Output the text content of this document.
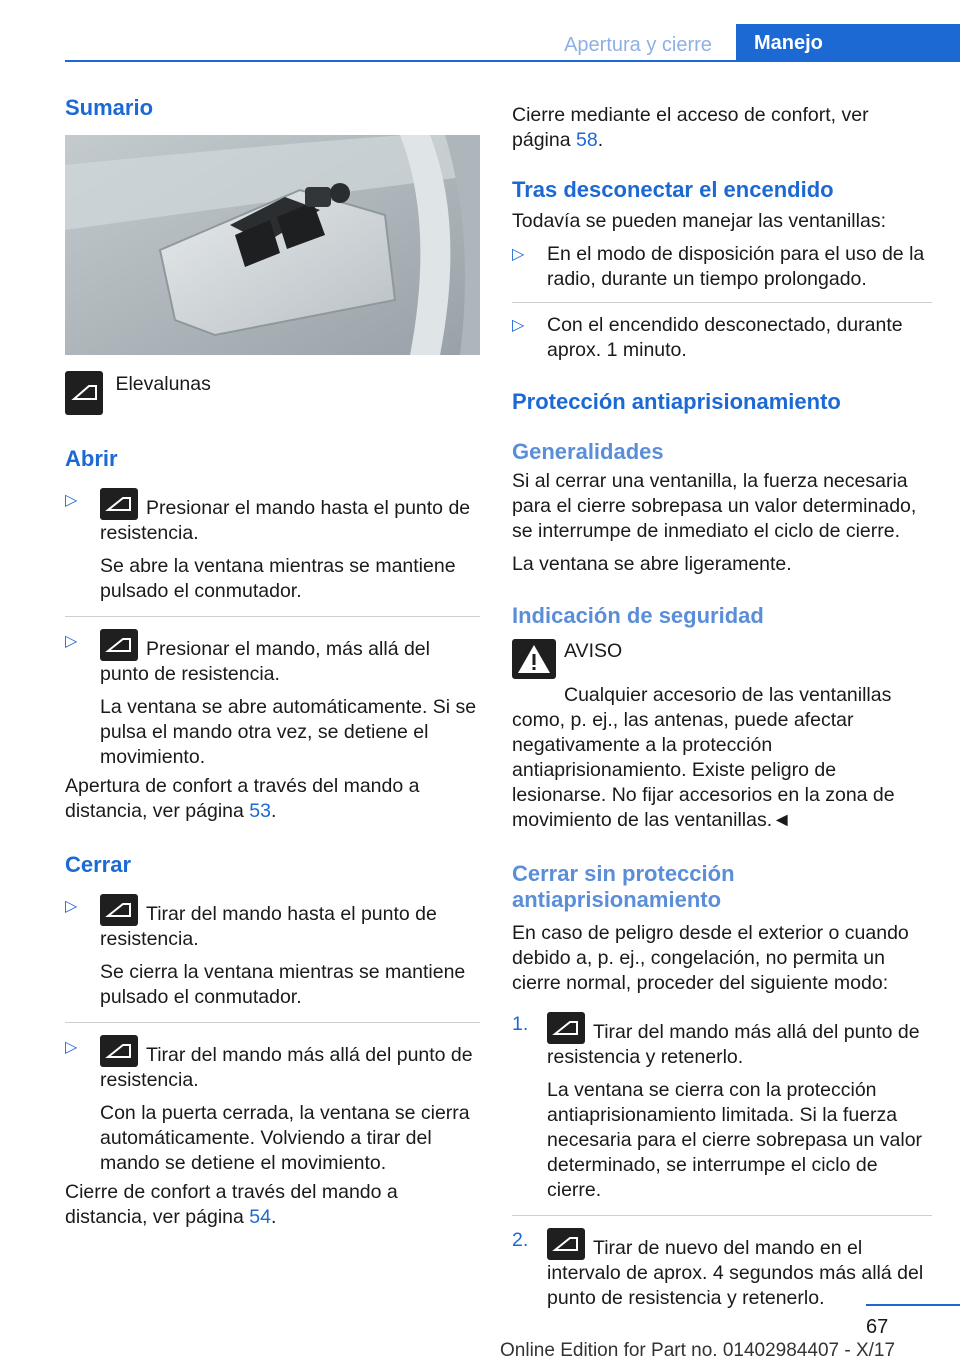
Apertura y cierre	Manejo
Sumario
Elevalunas
Abrir
▷	Presionar el mando hasta el punto de resistencia.

Se abre la ventana mientras se mantiene pulsado el conmutador.

▷	Presionar el mando, más allá del punto de resistencia.

La ventana se abre automáticamente. Si se pulsa el mando otra vez, se detiene el movimiento.

Apertura de confort a través del mando a distancia, ver página 53.

Cerrar
▷	Tirar del mando hasta el punto de resistencia.

Se cierra la ventana mientras se mantiene pulsado el conmutador.

▷	Tirar del mando más allá del punto de resistencia.

Con la puerta cerrada, la ventana se cierra automáticamente. Volviendo a tirar del mando se detiene el movimiento.

Cierre de confort a través del mando a distancia, ver página 54.

Cierre mediante el acceso de confort, ver página 58.

Tras desconectar el encendido

Todavía se pueden manejar las ventanillas:

▷ En el modo de disposición para el uso de la radio, durante un tiempo prolongado.

▷ Con el encendido desconectado, durante aprox. 1 minuto.

Protección antiaprisionamiento
Generalidades

Si al cerrar una ventanilla, la fuerza necesaria para el cierre sobrepasa un valor determinado, se interrumpe de inmediato el ciclo de cierre.

La ventana se abre ligeramente.

Indicación de seguridad
AVISO

Cualquier accesorio de las ventanillas como, p. ej., las antenas, puede afectar negativamente a la protección antiaprisionamiento. Existe peligro de lesionarse. No fijar accesorios en la zona de movimiento de las ventanillas.◄

Cerrar sin protección antiaprisionamiento

En caso de peligro desde el exterior o cuando debido a, p. ej., congelación, no permita un cierre normal, proceder del siguiente modo:

1.	Tirar del mando más allá del punto de resistencia y retenerlo.

La ventana se cierra con la protección antiaprisionamiento limitada. Si la fuerza necesaria para el cierre sobrepasa un valor determinado, se interrumpe el ciclo de cierre.

2.	Tirar de nuevo del mando en el intervalo de aprox. 4 segundos más allá del punto de resistencia y retenerlo.

67
Online Edition for Part no. 01402984407 - X/17
